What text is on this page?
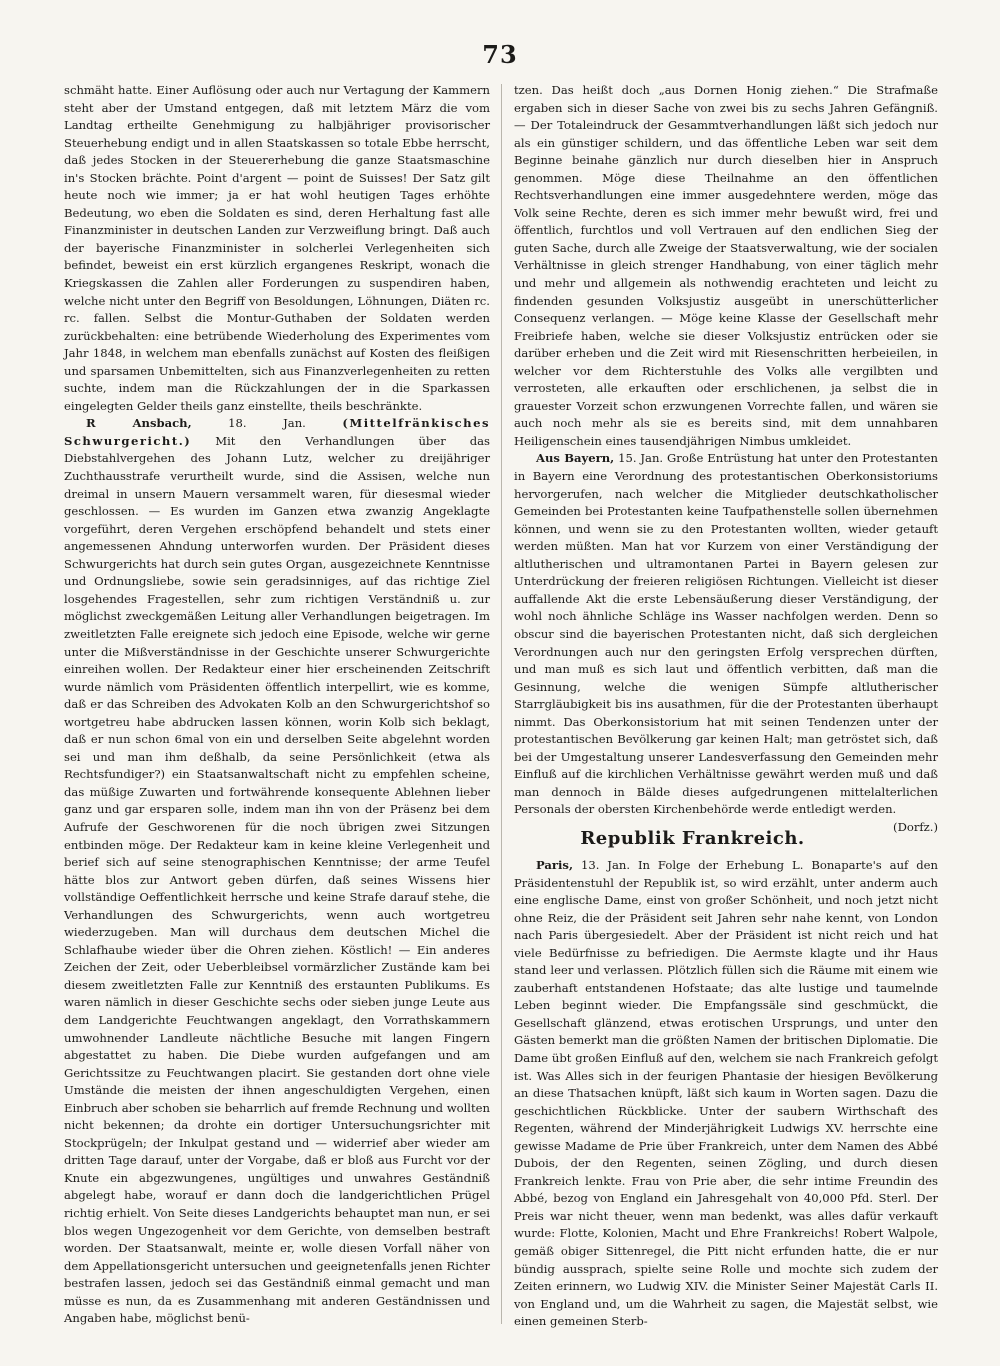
73

schmäht hatte. Einer Auflösung oder auch nur Vertagung der Kammern steht aber der Umstand entgegen, daß mit letztem März die vom Landtag ertheilte Genehmigung zu halbjähriger provisorischer Steuerhebung endigt und in allen Staatskassen so totale Ebbe herrscht, daß jedes Stocken in der Steuererhebung die ganze Staatsmaschine in's Stocken brächte. Point d'argent — point de Suisses! Der Satz gilt heute noch wie immer; ja er hat wohl heutigen Tages erhöhte Bedeutung, wo eben die Soldaten es sind, deren Herhaltung fast alle Finanzminister in deutschen Landen zur Verzweiflung bringt. Daß auch der bayerische Finanzminister in solcherlei Verlegenheiten sich befindet, beweist ein erst kürzlich ergangenes Reskript, wonach die Kriegskassen die Zahlen aller Forderungen zu suspendiren haben, welche nicht unter den Begriff von Besoldungen, Löhnungen, Diäten rc. rc. fallen. Selbst die Montur-Guthaben der Soldaten werden zurückbehalten: eine betrübende Wiederholung des Experimentes vom Jahr 1848, in welchem man ebenfalls zunächst auf Kosten des fleißigen und sparsamen Unbemittelten, sich aus Finanzverlegenheiten zu retten suchte, indem man die Rückzahlungen der in die Sparkassen eingelegten Gelder theils ganz einstellte, theils beschränkte.

R Ansbach,	18. Jan.	(Mittelfränkisches Schwurgericht.) Mit den Verhandlungen über das Diebstahlvergehen des Johann Lutz, welcher zu dreijähriger Zuchthausstrafe verurtheilt wurde, sind die Assisen, welche nun dreimal in unsern Mauern versammelt waren, für diesesmal wieder geschlossen. — Es wurden im Ganzen etwa zwanzig Angeklagte vorgeführt, deren Vergehen erschöpfend behandelt und stets einer angemessenen Ahndung unterworfen wurden. Der Präsident dieses Schwurgerichts hat durch sein gutes Organ, ausgezeichnete Kenntnisse und Ordnungsliebe, sowie sein geradsinniges, auf das richtige Ziel losgehendes Fragestellen, sehr zum richtigen Verständniß u. zur möglichst zweckgemäßen Leitung aller Verhandlungen beigetragen. Im zweitletzten Falle ereignete sich jedoch eine Episode, welche wir gerne unter die Mißverständnisse in der Geschichte unserer Schwurgerichte einreihen wollen. Der Redakteur einer hier erscheinenden Zeitschrift wurde nämlich vom Präsidenten öffentlich interpellirt, wie es komme, daß er das Schreiben des Advokaten Kolb an den Schwurgerichtshof so wortgetreu habe abdrucken lassen können, worin Kolb sich beklagt, daß er nun schon 6mal von ein und derselben Seite abgelehnt worden sei und man ihm deßhalb, da seine Persönlichkeit (etwa als Rechtsfundiger?) ein Staatsanwaltschaft nicht zu empfehlen scheine, das müßige Zuwarten und fortwährende konsequente Ablehnen lieber ganz und gar ersparen solle, indem man ihn von der Präsenz bei dem Aufrufe der Geschworenen für die noch übrigen zwei Sitzungen entbinden möge. Der Redakteur kam in keine kleine Verlegenheit und berief sich auf seine stenographischen Kenntnisse; der arme Teufel hätte blos zur Antwort geben dürfen, daß seines Wissens hier vollständige Oeffentlichkeit herrsche und keine Strafe darauf stehe, die Verhandlungen des Schwurgerichts, wenn auch wortgetreu wiederzugeben. Man will durchaus dem deutschen Michel die Schlafhaube wieder über die Ohren ziehen. Köstlich! — Ein anderes Zeichen der Zeit, oder Ueberbleibsel vormärzlicher Zustände kam bei diesem zweitletzten Falle zur Kenntniß des erstaunten Publikums. Es waren nämlich in dieser Geschichte sechs oder sieben junge Leute aus dem Landgerichte Feuchtwangen angeklagt, den Vorrathskammern umwohnender Landleute nächtliche Besuche mit langen Fingern abgestattet zu haben. Die Diebe wurden aufgefangen und am Gerichtssitze zu Feuchtwangen placirt. Sie gestanden dort ohne viele Umstände die meisten der ihnen angeschuldigten Vergehen, einen Einbruch aber schoben sie beharrlich auf fremde Rechnung und wollten nicht bekennen; da drohte ein dortiger Untersuchungsrichter mit Stockprügeln; der Inkulpat gestand und — widerrief aber wieder am dritten Tage darauf, unter der Vorgabe, daß er bloß aus Furcht vor der Knute ein abgezwungenes, ungültiges und unwahres Geständniß abgelegt habe, worauf er dann doch die landgerichtlichen Prügel richtig erhielt. Von Seite dieses Landgerichts behauptet man nun, er sei blos wegen Ungezogenheit vor dem Gerichte, von demselben bestraft worden. Der Staatsanwalt, meinte er, wolle diesen Vorfall näher von dem Appellationsgericht untersuchen und geeignetenfalls jenen Richter bestrafen lassen, jedoch sei das Geständniß einmal gemacht und man müsse es nun, da es Zusammenhang mit anderen Geständnissen und Angaben habe, möglichst benü-

tzen. Das heißt doch „aus Dornen Honig ziehen.“ Die Strafmaße ergaben sich in dieser Sache von zwei bis zu sechs Jahren Gefängniß. — Der Totaleindruck der Gesammtverhandlungen läßt sich jedoch nur als ein günstiger schildern, und das öffentliche Leben war seit dem Beginne beinahe gänzlich nur durch dieselben hier in Anspruch genommen. Möge diese Theilnahme an den öffentlichen Rechtsverhandlungen eine immer ausgedehntere werden, möge das Volk seine Rechte, deren es sich immer mehr bewußt wird, frei und öffentlich, furchtlos und voll Vertrauen auf den endlichen Sieg der guten Sache, durch alle Zweige der Staatsverwaltung, wie der socialen Verhältnisse in gleich strenger Handhabung, von einer täglich mehr und mehr und allgemein als nothwendig erachteten und leicht zu findenden gesunden Volksjustiz ausgeübt in unerschütterlicher Consequenz verlangen. — Möge keine Klasse der Gesellschaft mehr Freibriefe haben, welche sie dieser Volksjustiz entrücken oder sie darüber erheben und die Zeit wird mit Riesenschritten herbeieilen, in welcher vor dem Richterstuhle des Volks alle vergilbten und verrosteten, alle erkauften oder erschlichenen, ja selbst die in grauester Vorzeit schon erzwungenen Vorrechte fallen, und wären sie auch noch mehr als sie es bereits sind, mit dem unnahbaren Heiligenschein eines tausendjährigen Nimbus umkleidet.

Aus Bayern, 15. Jan. Große Entrüstung hat unter den Protestanten in Bayern eine Verordnung des protestantischen Oberkonsistoriums hervorgerufen, nach welcher die Mitglieder deutschkatholischer Gemeinden bei Protestanten keine Taufpathenstelle sollen übernehmen können, und wenn sie zu den Protestanten wollten, wieder getauft werden müßten. Man hat vor Kurzem von einer Verständigung der altlutherischen und ultramontanen Partei in Bayern gelesen zur Unterdrückung der freieren religiösen Richtungen. Vielleicht ist dieser auffallende Akt die erste Lebensäußerung dieser Verständigung, der wohl noch ähnliche Schläge ins Wasser nachfolgen werden. Denn so obscur sind die bayerischen Protestanten nicht, daß sich dergleichen Verordnungen auch nur den geringsten Erfolg versprechen dürften, und man muß es sich laut und öffentlich verbitten, daß man die Gesinnung, welche die wenigen Sümpfe altlutherischer Starrgläubigkeit bis ins ausathmen, für die der Protestanten überhaupt nimmt. Das Oberkonsistorium hat mit seinen Tendenzen unter der protestantischen Bevölkerung gar keinen Halt; man getröstet sich, daß bei der Umgestaltung unserer Landesverfassung den Gemeinden mehr Einfluß auf die kirchlichen Verhältnisse gewährt werden muß und daß man dennoch in Bälde dieses aufgedrungenen mittelalterlichen Personals der obersten Kirchenbehörde werde entledigt werden.
(Dorfz.)

Republik Frankreich.

Paris, 13. Jan. In Folge der Erhebung L. Bonaparte's auf den Präsidentenstuhl der Republik ist, so wird erzählt, unter anderm auch eine englische Dame, einst von großer Schönheit, und noch jetzt nicht ohne Reiz, die der Präsident seit Jahren sehr nahe kennt, von London nach Paris übergesiedelt. Aber der Präsident ist nicht reich und hat viele Bedürfnisse zu befriedigen. Die Aermste klagte und ihr Haus stand leer und verlassen. Plötzlich füllen sich die Räume mit einem wie zauberhaft entstandenen Hofstaate; das alte lustige und taumelnde Leben beginnt wieder. Die Empfangssäle sind geschmückt, die Gesellschaft glänzend, etwas erotischen Ursprungs, und unter den Gästen bemerkt man die größten Namen der britischen Diplomatie. Die Dame übt großen Einfluß auf den, welchem sie nach Frankreich gefolgt ist. Was Alles sich in der feurigen Phantasie der hiesigen Bevölkerung an diese Thatsachen knüpft, läßt sich kaum in Worten sagen. Dazu die geschichtlichen Rückblicke. Unter der saubern Wirthschaft des Regenten, während der Minderjährigkeit Ludwigs XV. herrschte eine gewisse Madame de Prie über Frankreich, unter dem Namen des Abbé Dubois, der den Regenten, seinen Zögling, und durch diesen Frankreich lenkte. Frau von Prie aber, die sehr intime Freundin des Abbé, bezog von England ein Jahresgehalt von 40,000 Pfd. Sterl. Der Preis war nicht theuer, wenn man bedenkt, was alles dafür verkauft wurde: Flotte, Kolonien, Macht und Ehre Frankreichs! Robert Walpole, gemäß obiger Sittenregel, die Pitt nicht erfunden hatte, die er nur bündig aussprach, spielte seine Rolle und mochte sich zudem der Zeiten erinnern, wo Ludwig XIV. die Minister Seiner Majestät Carls II. von England und, um die Wahrheit zu sagen, die Majestät selbst, wie einen gemeinen Sterb-
